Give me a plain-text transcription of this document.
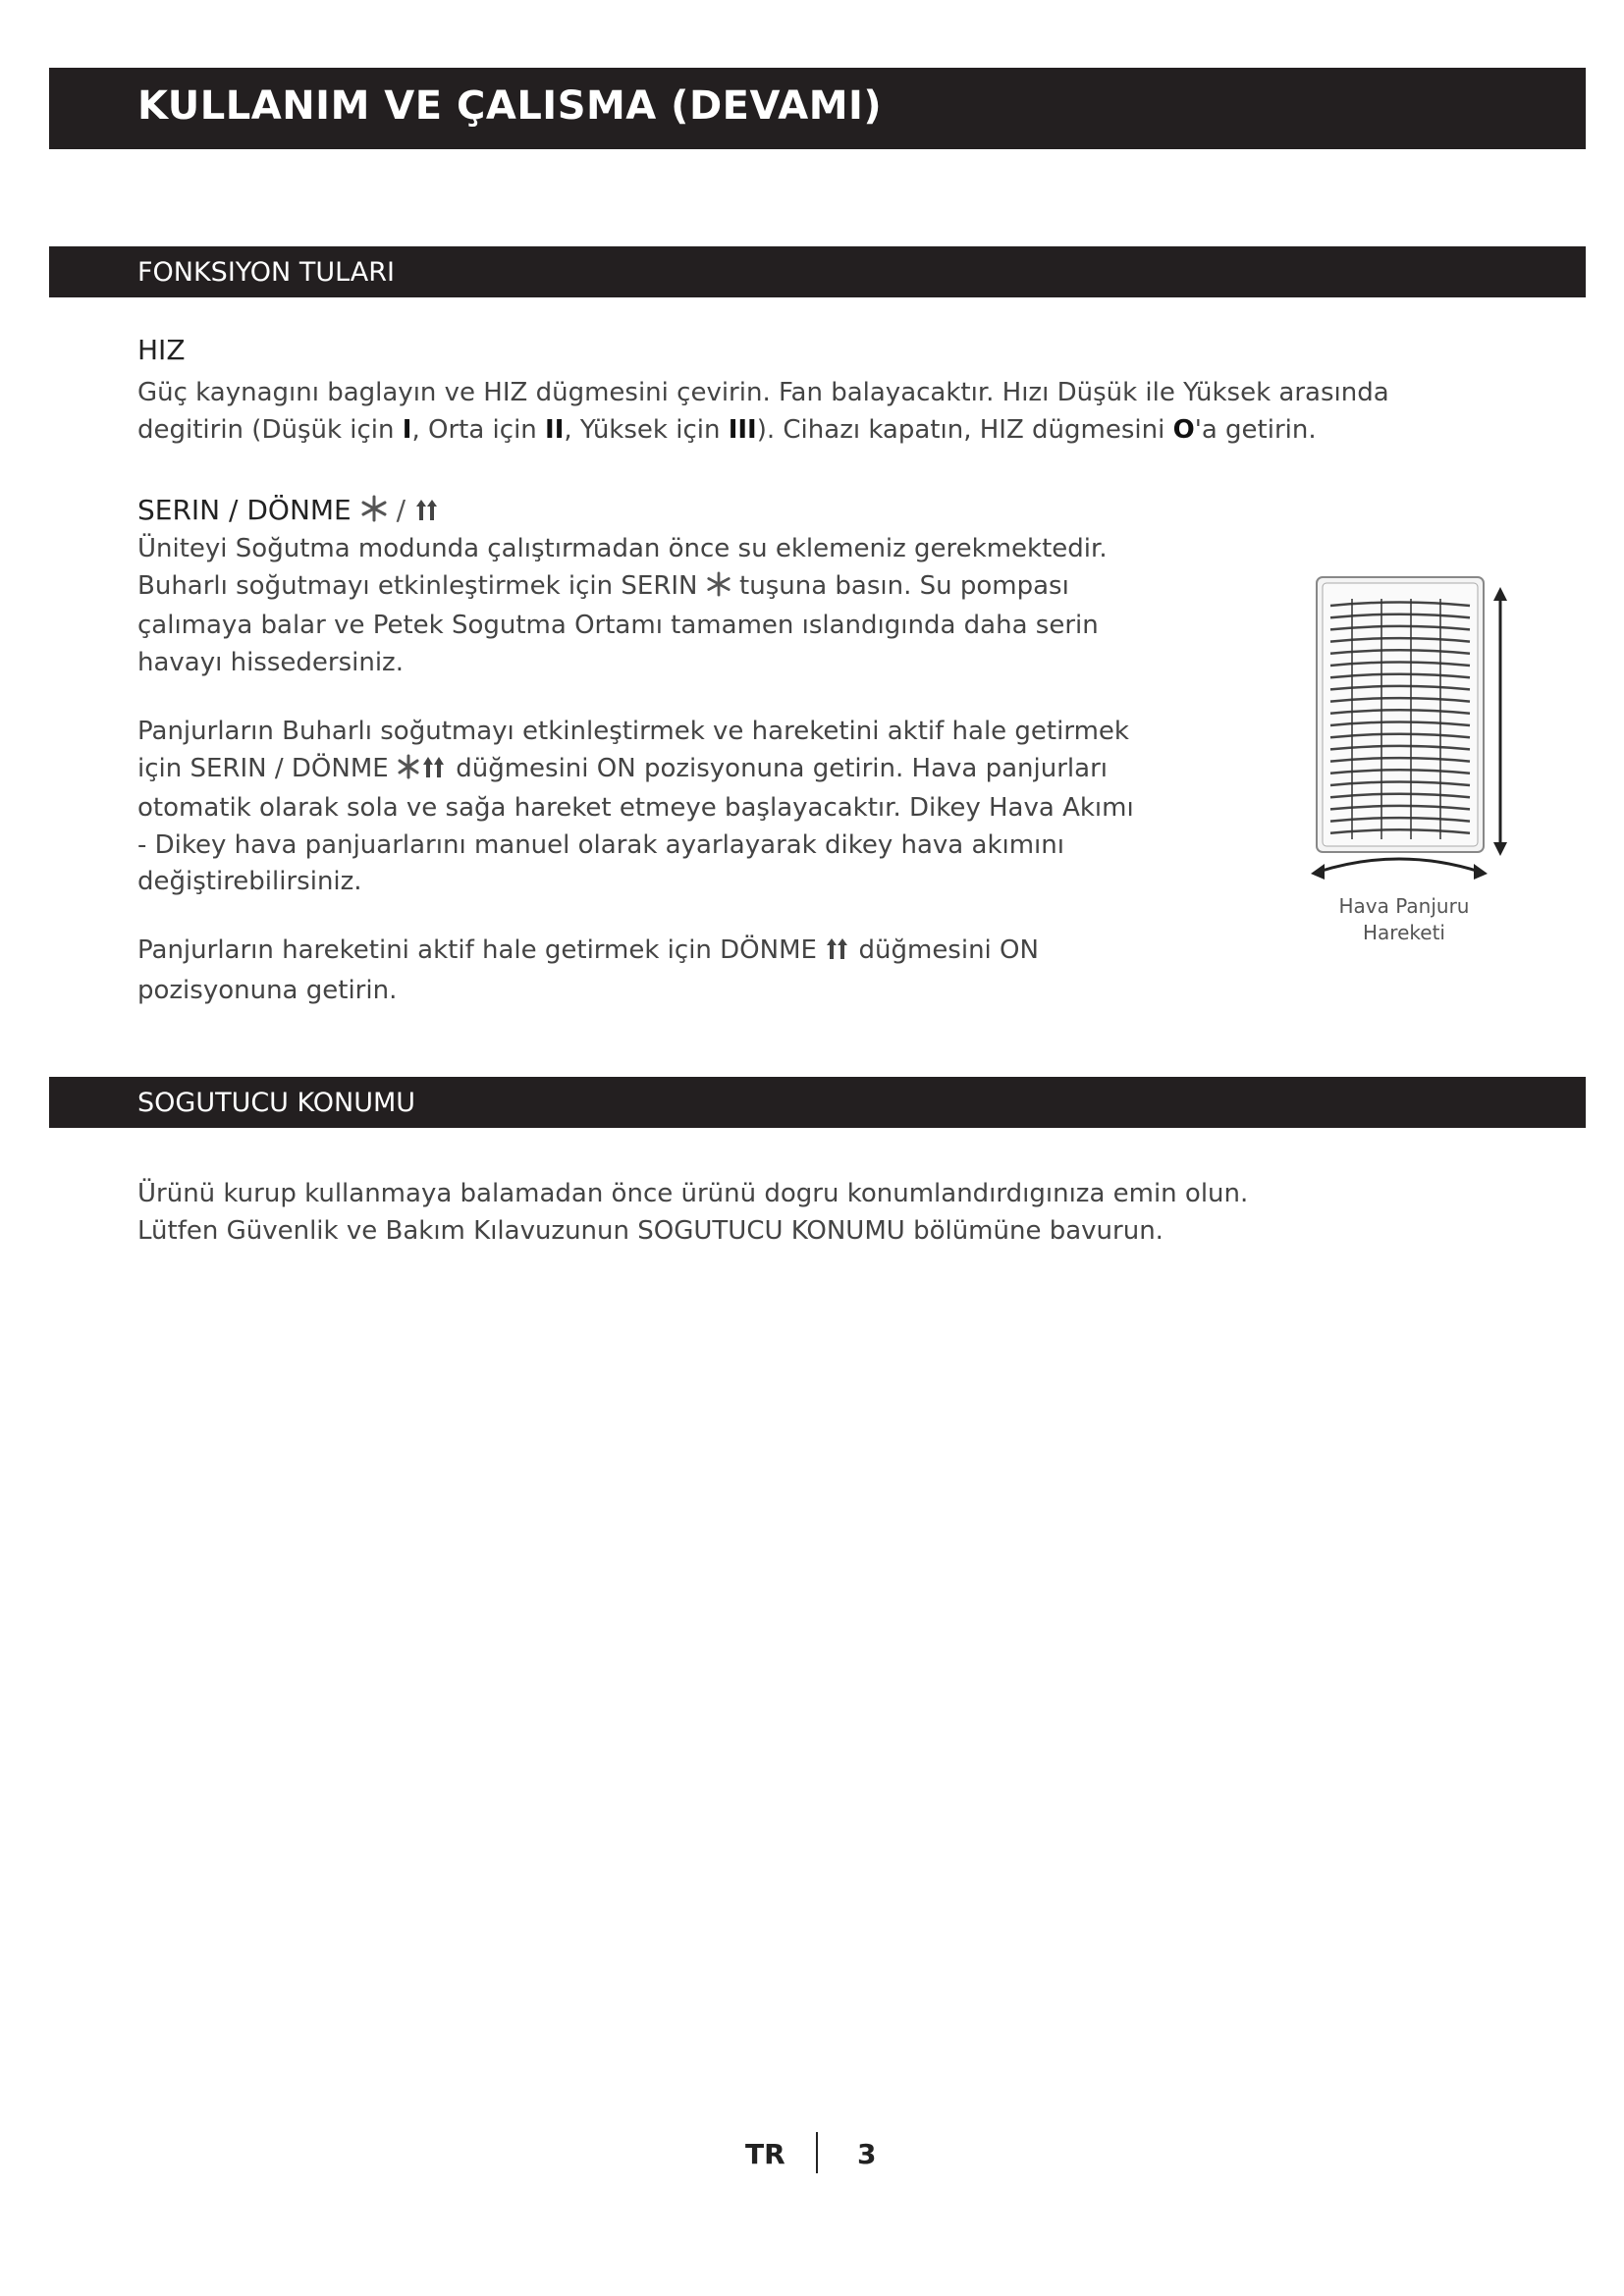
KULLANIM VE ÇALISMA (DEVAMI)
FONKSIYON TULARI
HIZ
Güç kaynagını baglayın ve HIZ dügmesini çevirin. Fan balayacaktır. Hızı Düşük ile Yüksek arasında
degitirin (Düşük için I, Orta için II, Yüksek için III). Cihazı kapatın, HIZ dügmesini O'a getirin.
SERIN / DÖNME /
Üniteyi Soğutma modunda çalıştırmadan önce su eklemeniz gerekmektedir.
Buharlı soğutmayı etkinleştirmek için SERIN  tuşuna basın. Su pompası
çalımaya balar ve Petek Sogutma Ortamı tamamen ıslandıgında daha serin
havayı hissedersiniz.
Panjurların Buharlı soğutmayı etkinleştirmek ve hareketini aktif hale getirmek
için SERIN / DÖNME  düğmesini ON pozisyonuna getirin. Hava panjurları
otomatik olarak sola ve sağa hareket etmeye başlayacaktır. Dikey Hava Akımı
- Dikey hava panjuarlarını manuel olarak ayarlayarak dikey hava akımını
değiştirebilirsiniz.
Panjurların hareketini aktif hale getirmek için DÖNME  düğmesini ON
pozisyonuna getirin.
Hava Panjuru
Hareketi
SOGUTUCU KONUMU
Ürünü kurup kullanmaya balamadan önce ürünü dogru konumlandırdıgınıza emin olun.
Lütfen Güvenlik ve Bakım Kılavuzunun SOGUTUCU KONUMU bölümüne bavurun.
TR	3
